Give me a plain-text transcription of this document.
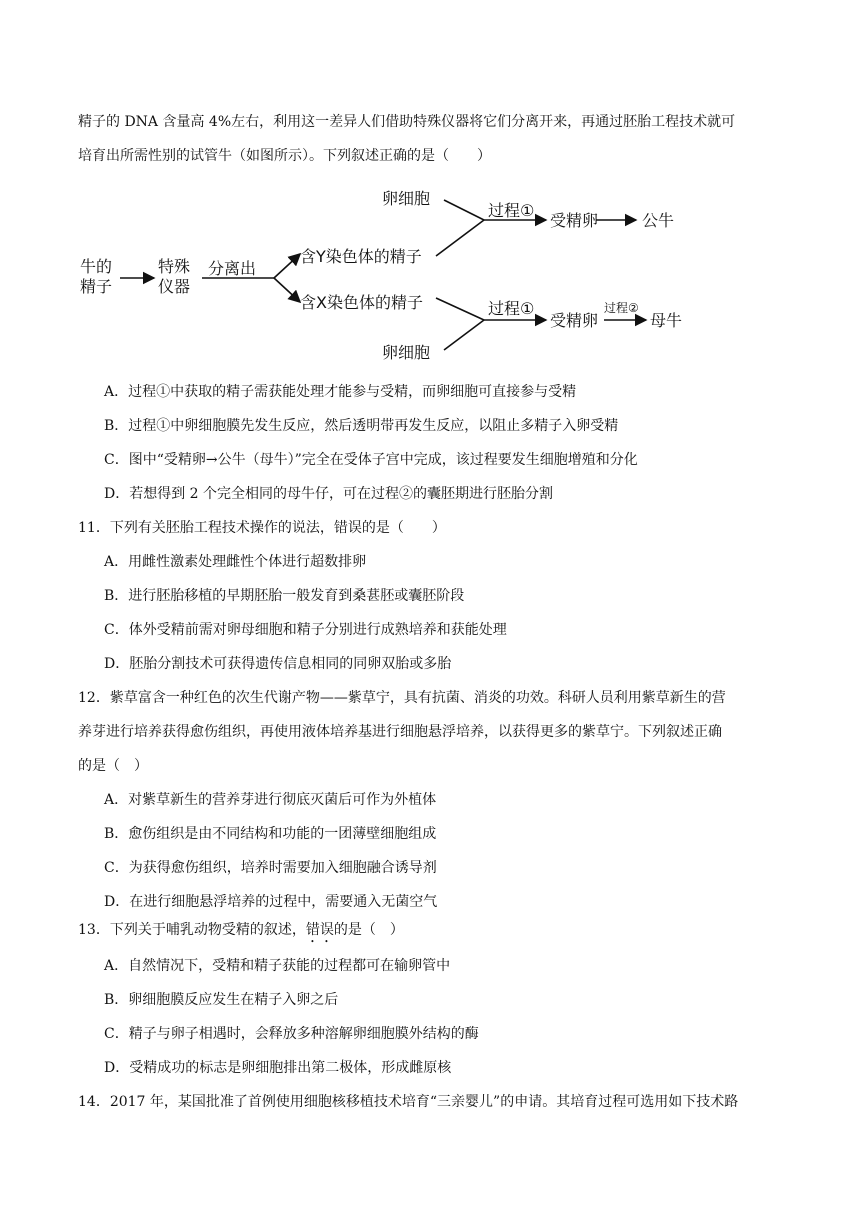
精子的 DNA 含量高 4%左右，利用这一差异人们借助特殊仪器将它们分离开来，再通过胚胎工程技术就可
培育出所需性别的试管牛（如图所示）。下列叙述正确的是（　　）
牛的
精子
特殊
仪器
分离出
卵细胞
含Y染色体的精子
含X染色体的精子
卵细胞
过程①
过程①
受精卵
受精卵
公牛
母牛
过程②
A．过程①中获取的精子需获能处理才能参与受精，而卵细胞可直接参与受精
B．过程①中卵细胞膜先发生反应，然后透明带再发生反应，以阻止多精子入卵受精
C．图中“受精卵→公牛（母牛）”完全在受体子宫中完成，该过程要发生细胞增殖和分化
D．若想得到 2 个完全相同的母牛仔，可在过程②的囊胚期进行胚胎分割
11．下列有关胚胎工程技术操作的说法，错误的是（　　）
A．用雌性激素处理雌性个体进行超数排卵
B．进行胚胎移植的早期胚胎一般发育到桑葚胚或囊胚阶段
C．体外受精前需对卵母细胞和精子分别进行成熟培养和获能处理
D．胚胎分割技术可获得遗传信息相同的同卵双胎或多胎
12．紫草富含一种红色的次生代谢产物——紫草宁，具有抗菌、消炎的功效。科研人员利用紫草新生的营
养芽进行培养获得愈伤组织，再使用液体培养基进行细胞悬浮培养，以获得更多的紫草宁。下列叙述正确
的是（　）
A．对紫草新生的营养芽进行彻底灭菌后可作为外植体
B．愈伤组织是由不同结构和功能的一团薄壁细胞组成
C．为获得愈伤组织，培养时需要加入细胞融合诱导剂
D．在进行细胞悬浮培养的过程中，需要通入无菌空气
13．下列关于哺乳动物受精的叙述，错误的是（　）
A．自然情况下，受精和精子获能的过程都可在输卵管中
B．卵细胞膜反应发生在精子入卵之后
C．精子与卵子相遇时，会释放多种溶解卵细胞膜外结构的酶
D．受精成功的标志是卵细胞排出第二极体，形成雌原核
14．2017 年，某国批准了首例使用细胞核移植技术培育“三亲婴儿”的申请。其培育过程可选用如下技术路
